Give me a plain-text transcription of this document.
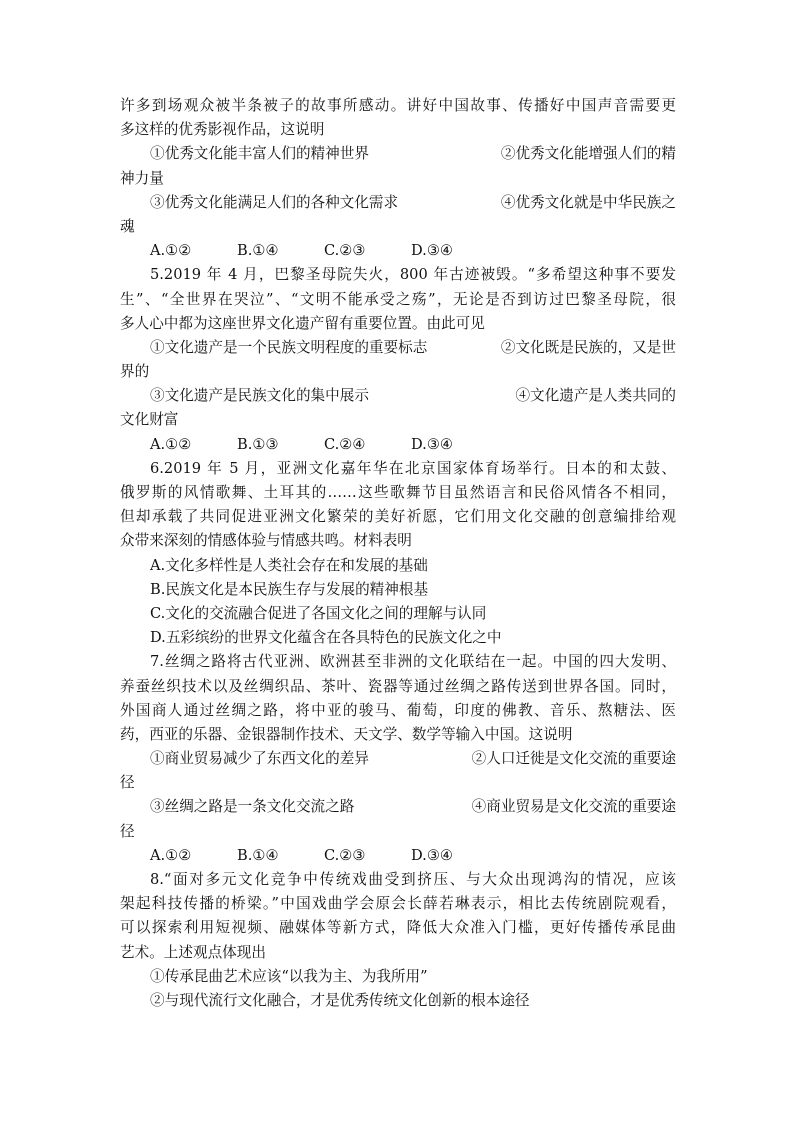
许多到场观众被半条被子的故事所感动。讲好中国故事、传播好中国声音需要更
多这样的优秀影视作品，这说明
①优秀文化能丰富人们的精神世界	②优秀文化能增强人们的精
神力量
③优秀文化能满足人们的各种文化需求	④优秀文化就是中华民族之
魂
A.①②	B.①④	C.②③	D.③④
5.2019 年 4 月，巴黎圣母院失火，800 年古迹被毁。“多希望这种事不要发
生”、“全世界在哭泣”、“文明不能承受之殇”，无论是否到访过巴黎圣母院，很
多人心中都为这座世界文化遗产留有重要位置。由此可见
①文化遗产是一个民族文明程度的重要标志	②文化既是民族的，又是世
界的
③文化遗产是民族文化的集中展示	④文化遗产是人类共同的
文化财富
A.①②	B.①③	C.②④	D.③④
6.2019 年 5 月，亚洲文化嘉年华在北京国家体育场举行。日本的和太鼓、
俄罗斯的风情歌舞、土耳其的……这些歌舞节目虽然语言和民俗风情各不相同，
但却承载了共同促进亚洲文化繁荣的美好祈愿，它们用文化交融的创意编排给观
众带来深刻的情感体验与情感共鸣。材料表明
A.文化多样性是人类社会存在和发展的基础
B.民族文化是本民族生存与发展的精神根基
C.文化的交流融合促进了各国文化之间的理解与认同
D.五彩缤纷的世界文化蕴含在各具特色的民族文化之中
7.丝绸之路将古代亚洲、欧洲甚至非洲的文化联结在一起。中国的四大发明、
养蚕丝织技术以及丝绸织品、茶叶、瓷器等通过丝绸之路传送到世界各国。同时，
外国商人通过丝绸之路，将中亚的骏马、葡萄，印度的佛教、音乐、熬糖法、医
药，西亚的乐器、金银器制作技术、天文学、数学等输入中国。这说明
①商业贸易减少了东西文化的差异	②人口迁徙是文化交流的重要途
径
③丝绸之路是一条文化交流之路	④商业贸易是文化交流的重要途
径
A.①②	B.①④	C.②③	D.③④
8.“面对多元文化竞争中传统戏曲受到挤压、与大众出现鸿沟的情况，应该
架起科技传播的桥梁。”中国戏曲学会原会长薛若琳表示，相比去传统剧院观看，
可以探索利用短视频、融媒体等新方式，降低大众准入门槛，更好传播传承昆曲
艺术。上述观点体现出
①传承昆曲艺术应该“以我为主、为我所用”
②与现代流行文化融合，才是优秀传统文化创新的根本途径
